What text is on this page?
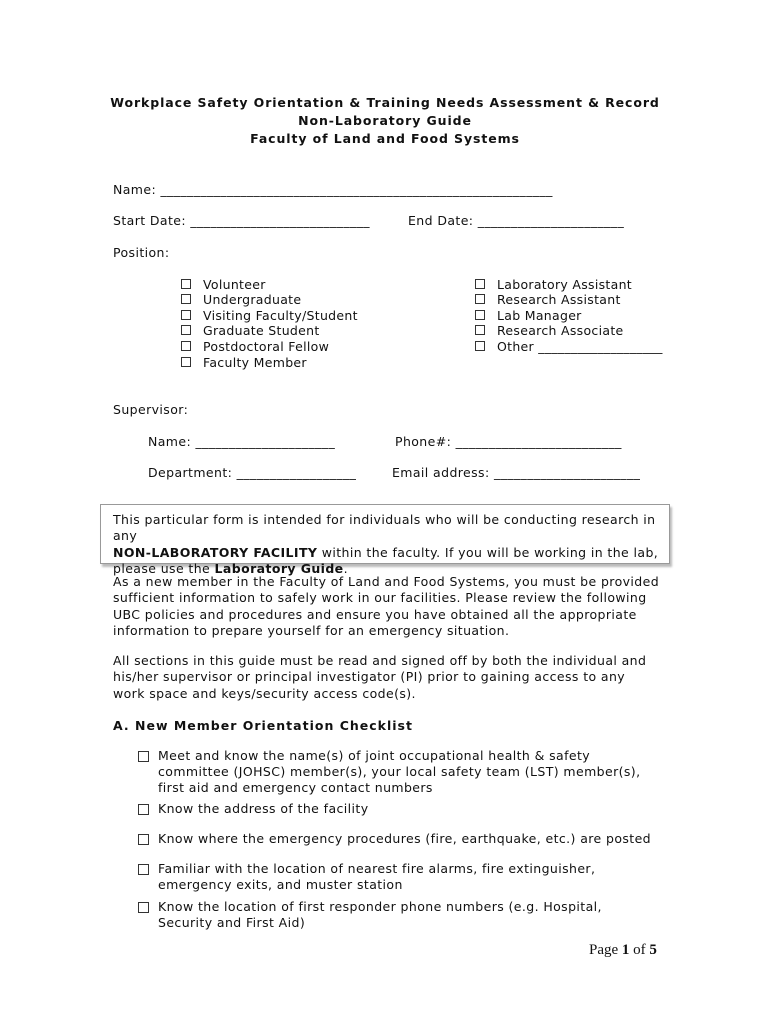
Workplace Safety Orientation & Training Needs Assessment & Record
Non-Laboratory Guide
Faculty of Land and Food Systems
Name: ___________________________________________________________
Start Date: ___________________________	End Date: ______________________
Position:
Volunteer
Undergraduate
Visiting Faculty/Student
Graduate Student
Postdoctoral Fellow
Faculty Member
Laboratory Assistant
Research Assistant
Lab Manager
Research Associate
Other ___________________
Supervisor:
Name: _____________________	Phone#: _________________________
Department: __________________	Email address: ______________________
This particular form is intended for individuals who will be conducting research in any
NON-LABORATORY FACILITY within the faculty. If you will be working in the lab,
please use the Laboratory Guide.
As a new member in the Faculty of Land and Food Systems, you must be provided sufficient information to safely work in our facilities. Please review the following UBC policies and procedures and ensure you have obtained all the appropriate information to prepare yourself for an emergency situation.
All sections in this guide must be read and signed off by both the individual and his/her supervisor or principal investigator (PI) prior to gaining access to any work space and keys/security access code(s).
A. New Member Orientation Checklist
Meet and know the name(s) of joint occupational health & safety committee (JOHSC) member(s), your local safety team (LST) member(s), first aid and emergency contact numbers
Know the address of the facility
Know where the emergency procedures (fire, earthquake, etc.) are posted
Familiar with the location of nearest fire alarms, fire extinguisher, emergency exits, and muster station
Know the location of first responder phone numbers (e.g. Hospital, Security and First Aid)
Page 1 of 5
